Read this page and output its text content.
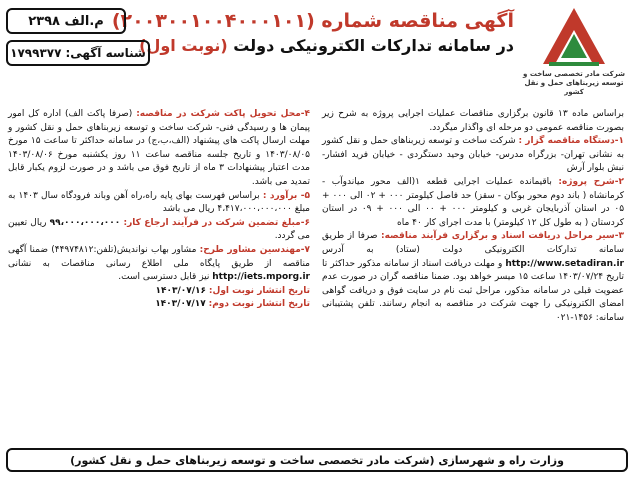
شرکت مادر تخصصی ساخت و توسعه زیربناهای حمل و نقل کشور
آگهی مناقصه شماره (۲۰۰۳۰۰۱۰۰۴۰۰۰۱۰۱)
در سامانه تدارکات الکترونیکی دولت (نوبت اول)
م.الف ۲۳۹۸
شناسه آگهی:
۱۷۹۹۳۷۷

براساس ماده ۱۳ قانون برگزاری مناقصات عملیات اجرایی پروژه به شرح زیر بصورت مناقصه عمومی دو مرحله ای واگذار میگردد.

۱-دستگاه مناقصه گزار : شرکت ساخت و توسعه زیربناهای حمل و نقل کشور به نشانی تهران- بزرگراه مدرس- خیابان وحید دستگردی - خیابان فرید افشار- نبش بلوار آرش

۲-شرح پروژه: باقیمانده عملیات اجرایی قطعه ۱(الف محور میاندوآب - کرمانشاه ( باند دوم محور بوکان - سقز) حد فاصل کیلومتر ۰۰۰ + ۰۲ الی ۰۰۰ + ۰۵ در استان آذربایجان غربی و کیلومتر ۰۰۰ + ۰۰ الی ۰۰۰ + ۰۹ در استان کردستان ( به طول کل ۱۲ کیلومتر) با مدت اجرای کار ۴۰ ماه

۳-سیر مراحل دریافت اسناد و برگزاری فرآیند مناقصه: صرفا از طریق سامانه تدارکات الکترونیکی دولت (ستاد) به آدرس http://www.setadiran.ir و مهلت دریافت اسناد از سامانه مذکور حداکثر تا تاریخ ۱۴۰۳/۰۷/۲۴ ساعت ۱۵ میسر خواهد بود. ضمنا مناقصه گران در صورت عدم عضویت قبلی در سامانه مذکور، مراحل ثبت نام در سایت فوق و دریافت گواهی امضای الکترونیکی را جهت شرکت در مناقصه به انجام رسانند. تلفن پشتیبانی سامانه: ۱۴۵۶-۰۲۱

۴-محل تحویل پاکت شرکت در مناقصه: (صرفا پاکت الف) اداره کل امور پیمان ها و رسیدگی فنی- شرکت ساخت و توسعه زیربناهای حمل و نقل کشور و مهلت ارسال پاکت های پیشنهاد (الف،ب،ج) در سامانه حداکثر تا ساعت ۱۵ مورخ ۱۴۰۳/۰۸/۰۵ و تاریخ جلسه مناقصه ساعت ۱۱ روز یکشنبه مورخ ۱۴۰۳/۰۸/۰۶ مدت اعتبار پیشنهادات ۳ ماه از تاریخ فوق می باشد و در صورت لزوم یکبار قابل تمدید می باشد.

۵- برآورد : براساس فهرست بهای پایه راه،راه آهن وباند فرودگاه سال ۱۴۰۳ به مبلغ ۴،۴۱۷،۰۰۰،۰۰۰،۰۰۰ ریال می باشد

۶-مبلغ تضمین شرکت در فرآیند ارجاع کار: ۹۹،۰۰۰،۰۰۰،۰۰۰ ریال تعیین می گردد.

۷-مهندسین مشاور طرح: مشاور بهاب نواندیش(تلفن:۴۴۹۷۴۸۱۲) ضمنا آگهی مناقصه از طریق پایگاه ملی اطلاع رسانی مناقصات به نشانی http://iets.mporg.ir نیز قابل دسترسی است.

تاریخ انتشار نوبت اول: ۱۴۰۳/۰۷/۱۶

تاریخ انتشار نوبت دوم: ۱۴۰۳/۰۷/۱۷

وزارت راه و شهرسازی (شرکت مادر تخصصی ساخت و توسعه زیربناهای حمل و نقل کشور)
